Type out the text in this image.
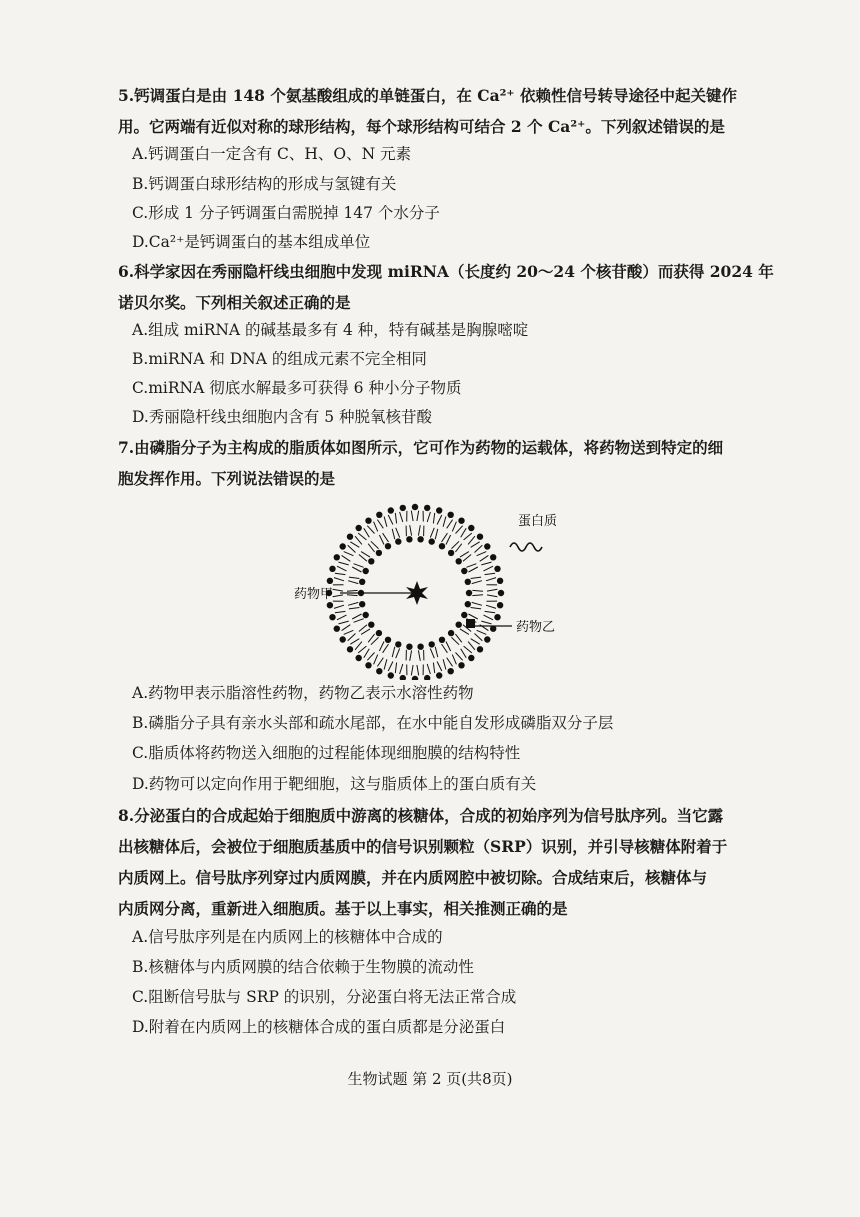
5.钙调蛋白是由 148 个氨基酸组成的单链蛋白，在 Ca²⁺ 依赖性信号转导途径中起关键作
用。它两端有近似对称的球形结构，每个球形结构可结合 2 个 Ca²⁺。下列叙述错误的是
A.钙调蛋白一定含有 C、H、O、N 元素
B.钙调蛋白球形结构的形成与氢键有关
C.形成 1 分子钙调蛋白需脱掉 147 个水分子
D.Ca²⁺是钙调蛋白的基本组成单位
6.科学家因在秀丽隐杆线虫细胞中发现 miRNA（长度约 20～24 个核苷酸）而获得 2024 年
诺贝尔奖。下列相关叙述正确的是
A.组成 miRNA 的碱基最多有 4 种，特有碱基是胸腺嘧啶
B.miRNA 和 DNA 的组成元素不完全相同
C.miRNA 彻底水解最多可获得 6 种小分子物质
D.秀丽隐杆线虫细胞内含有 5 种脱氧核苷酸
7.由磷脂分子为主构成的脂质体如图所示，它可作为药物的运载体，将药物送到特定的细
胞发挥作用。下列说法错误的是
蛋白质
药物甲
药物乙
A.药物甲表示脂溶性药物，药物乙表示水溶性药物
B.磷脂分子具有亲水头部和疏水尾部，在水中能自发形成磷脂双分子层
C.脂质体将药物送入细胞的过程能体现细胞膜的结构特性
D.药物可以定向作用于靶细胞，这与脂质体上的蛋白质有关
8.分泌蛋白的合成起始于细胞质中游离的核糖体，合成的初始序列为信号肽序列。当它露
出核糖体后，会被位于细胞质基质中的信号识别颗粒（SRP）识别，并引导核糖体附着于
内质网上。信号肽序列穿过内质网膜，并在内质网腔中被切除。合成结束后，核糖体与
内质网分离，重新进入细胞质。基于以上事实，相关推测正确的是
A.信号肽序列是在内质网上的核糖体中合成的
B.核糖体与内质网膜的结合依赖于生物膜的流动性
C.阻断信号肽与 SRP 的识别，分泌蛋白将无法正常合成
D.附着在内质网上的核糖体合成的蛋白质都是分泌蛋白
生物试题 第 2 页(共8页)
